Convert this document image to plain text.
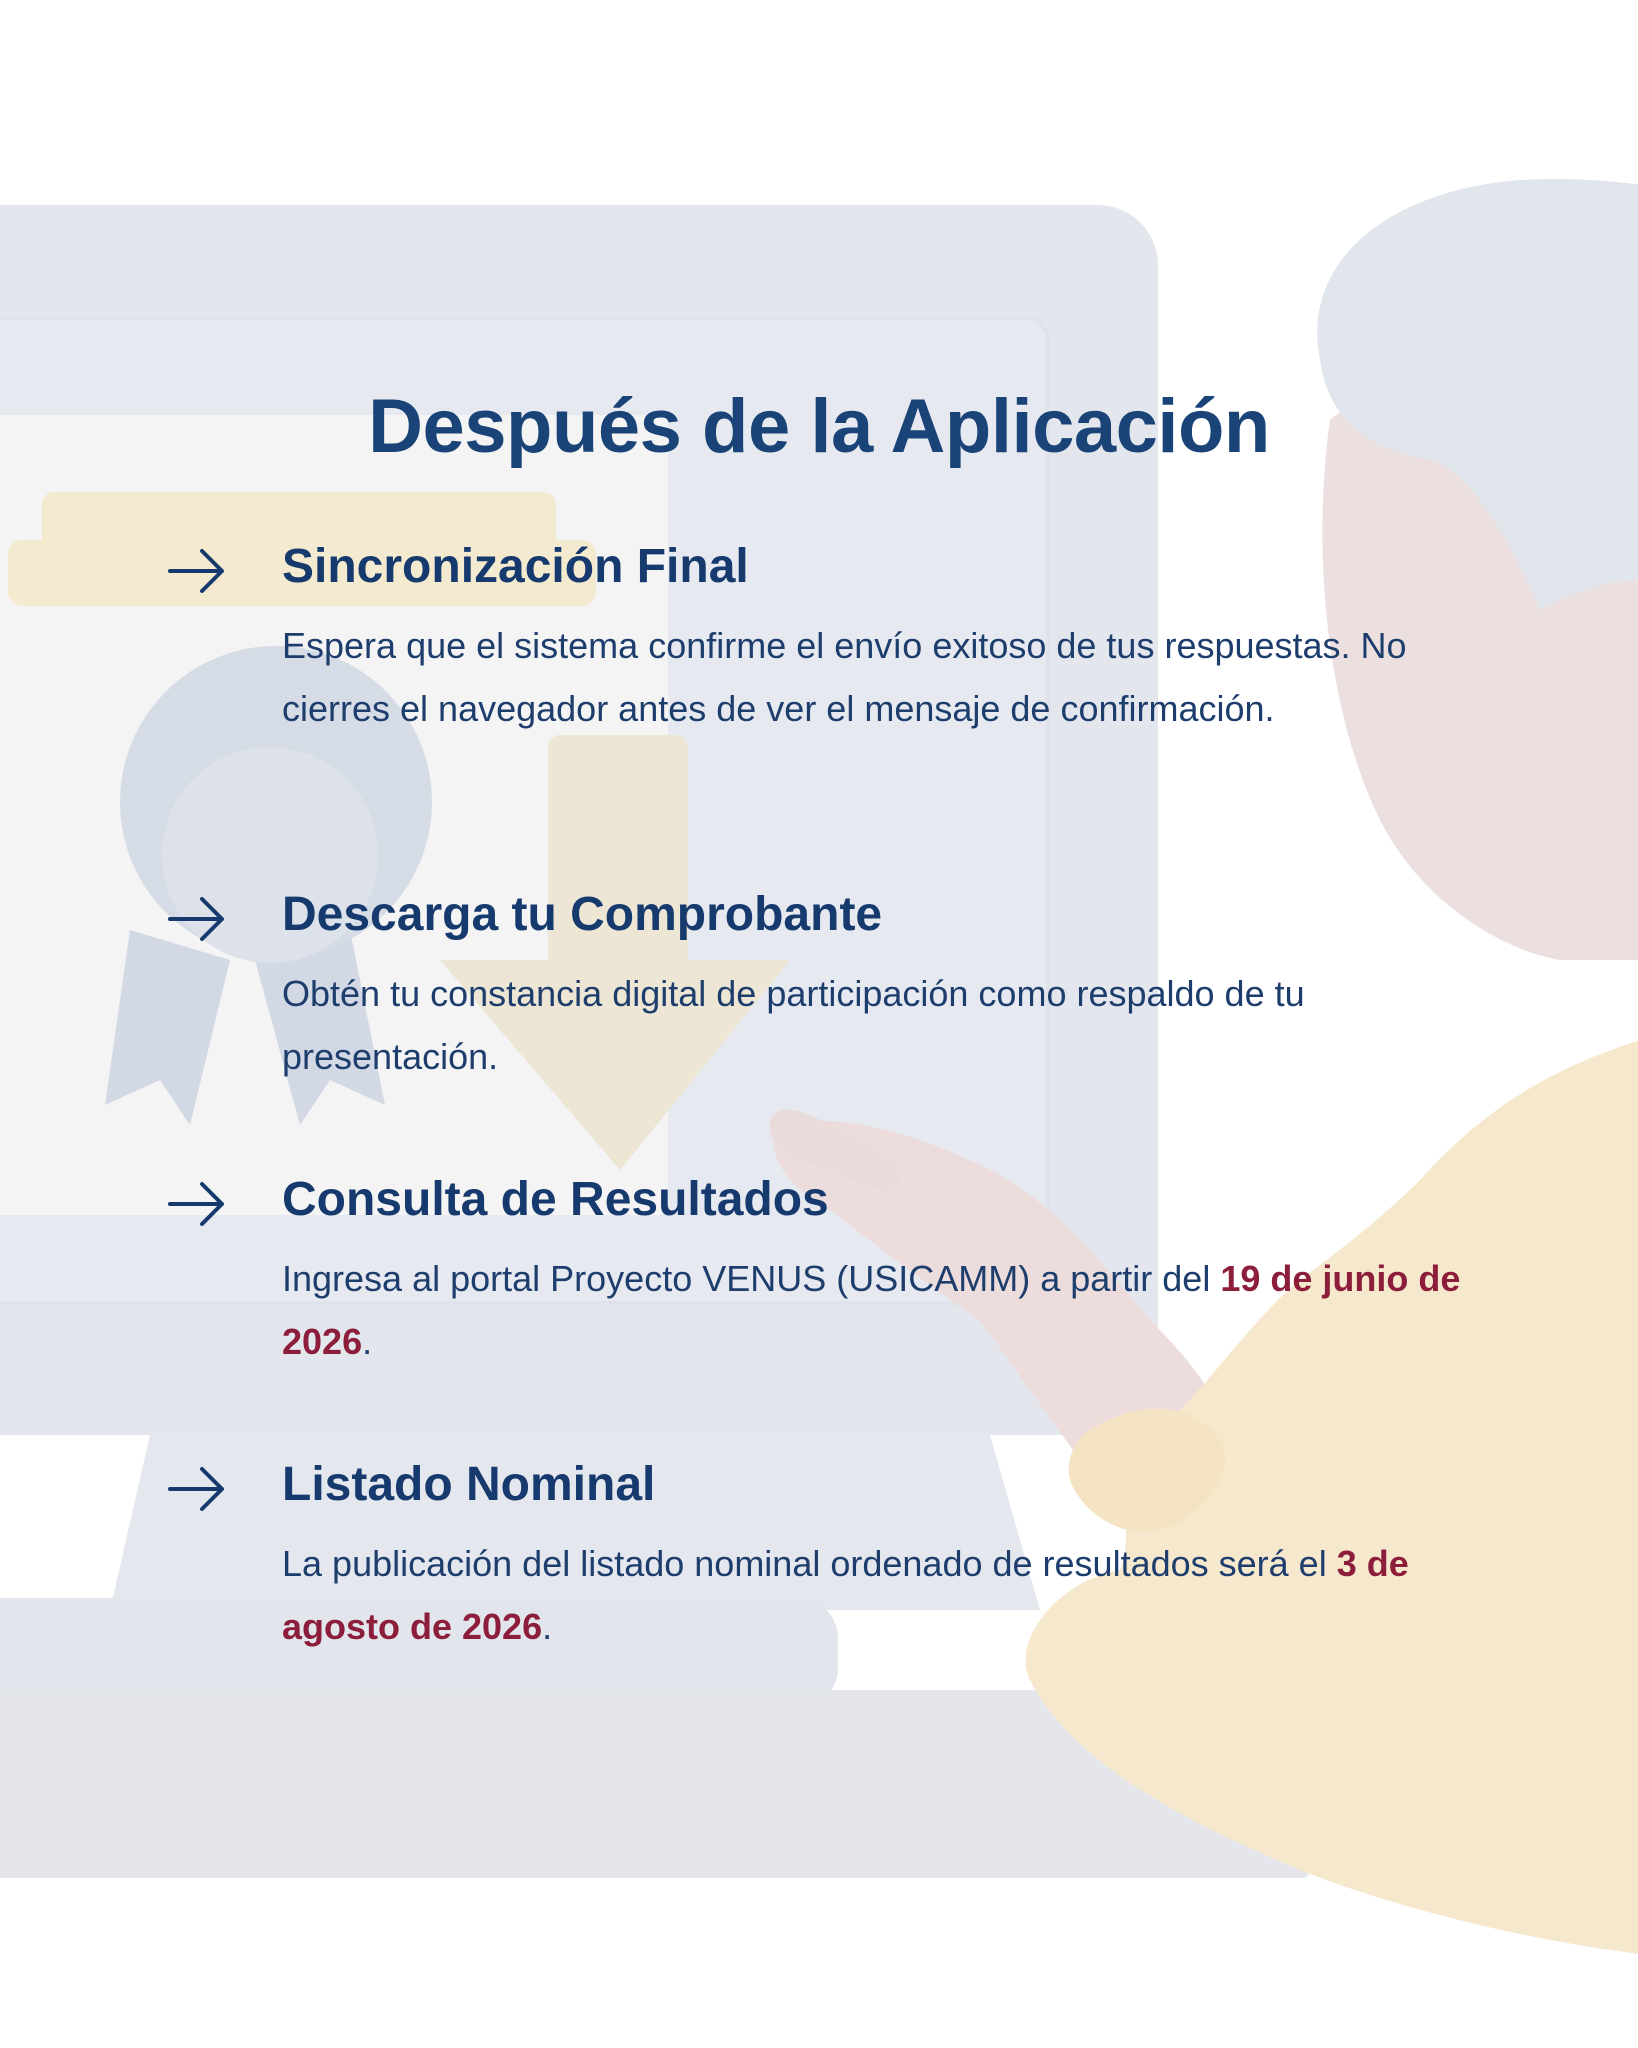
Después de la Aplicación
Sincronización Final

Espera que el sistema confirme el envío exitoso de tus respuestas. No cierres el navegador antes de ver el mensaje de confirmación.

Descarga tu Comprobante

Obtén tu constancia digital de participación como respaldo de tu presentación.

Consulta de Resultados

Ingresa al portal Proyecto VENUS (USICAMM) a partir del 19 de junio de 2026.

Listado Nominal

La publicación del listado nominal ordenado de resultados será el 3 de agosto de 2026.
